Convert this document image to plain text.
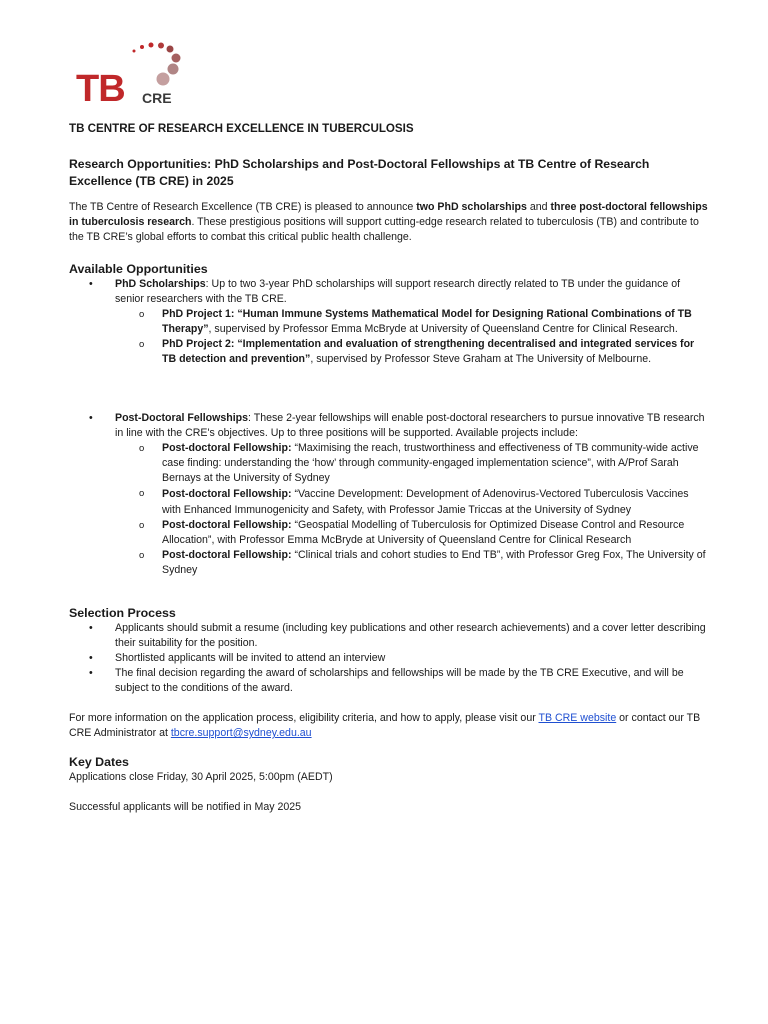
TB CRE
TB CENTRE OF RESEARCH EXCELLENCE IN TUBERCULOSIS
Research Opportunities: PhD Scholarships and Post-Doctoral Fellowships at TB Centre of Research Excellence (TB CRE) in 2025

The TB Centre of Research Excellence (TB CRE) is pleased to announce two PhD scholarships and three post-doctoral fellowships in tuberculosis research. These prestigious positions will support cutting-edge research related to tuberculosis (TB) and contribute to the TB CRE’s global efforts to combat this critical public health challenge.

Available Opportunities
• PhD Scholarships: Up to two 3-year PhD scholarships will support research directly related to TB under the guidance of senior researchers with the TB CRE.
o PhD Project 1: “Human Immune Systems Mathematical Model for Designing Rational Combinations of TB Therapy”, supervised by Professor Emma McBryde at University of Queensland Centre for Clinical Research.
o PhD Project 2: “Implementation and evaluation of strengthening decentralised and integrated services for TB detection and prevention”, supervised by Professor Steve Graham at The University of Melbourne.
• Post-Doctoral Fellowships: These 2-year fellowships will enable post-doctoral researchers to pursue innovative TB research in line with the CRE's objectives. Up to three positions will be supported. Available projects include:
o Post-doctoral Fellowship: “Maximising the reach, trustworthiness and effectiveness of TB community-wide active case finding: understanding the ‘how’ through community-engaged implementation science”, with A/Prof Sarah Bernays at the University of Sydney
o Post-doctoral Fellowship: “Vaccine Development: Development of Adenovirus-Vectored Tuberculosis Vaccines with Enhanced Immunogenicity and Safety, with Professor Jamie Triccas at the University of Sydney
o Post-doctoral Fellowship: “Geospatial Modelling of Tuberculosis for Optimized Disease Control and Resource Allocation”, with Professor Emma McBryde at University of Queensland Centre for Clinical Research
o Post-doctoral Fellowship: “Clinical trials and cohort studies to End TB”, with Professor Greg Fox, The University of Sydney
Selection Process
• Applicants should submit a resume (including key publications and other research achievements) and a cover letter describing their suitability for the position.
• Shortlisted applicants will be invited to attend an interview
• The final decision regarding the award of scholarships and fellowships will be made by the TB CRE Executive, and will be subject to the conditions of the award.

For more information on the application process, eligibility criteria, and how to apply, please visit our TB CRE website or contact our TB CRE Administrator at tbcre.support@sydney.edu.au

Key Dates

Applications close Friday, 30 April 2025, 5:00pm (AEDT)

Successful applicants will be notified in May 2025
